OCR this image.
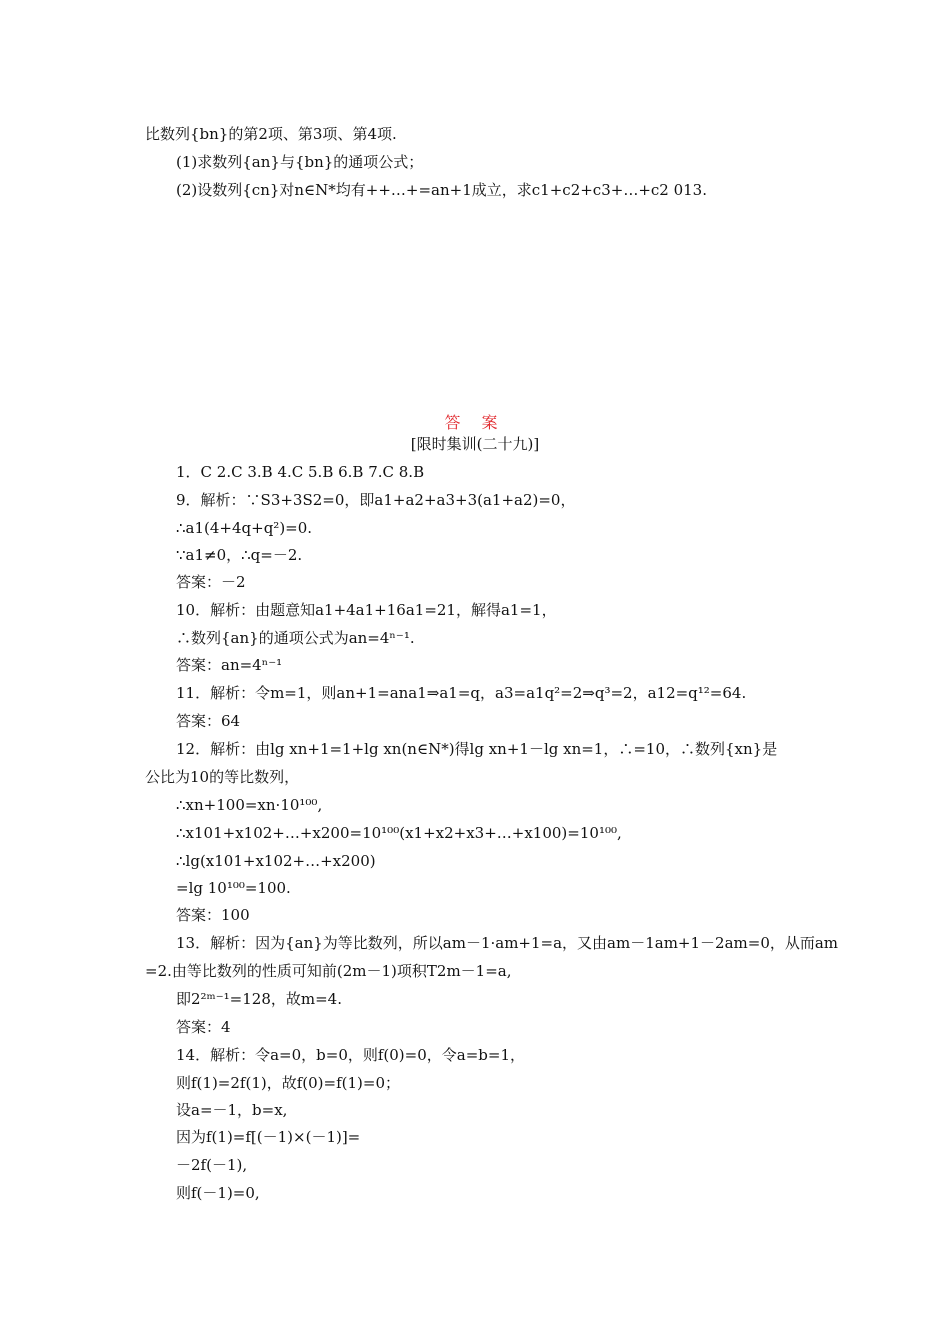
比数列{bn}的第2项、第3项、第4项.
(1)求数列{an}与{bn}的通项公式；
(2)设数列{cn}对n∈N*均有++…+=an+1成立，求c1+c2+c3+…+c2 013.
答 案
[限时集训(二十九)]
1．C 2.C 3.B 4.C 5.B 6.B 7.C 8.B
9．解析：∵S3+3S2=0，即a1+a2+a3+3(a1+a2)=0，
∴a1(4+4q+q²)=0.
∵a1≠0，∴q=－2.
答案：－2
10．解析：由题意知a1+4a1+16a1=21，解得a1=1，
∴数列{an}的通项公式为an=4ⁿ⁻¹.
答案：an=4ⁿ⁻¹
11．解析：令m=1，则an+1=ana1⇒a1=q，a3=a1q²=2⇒q³=2，a12=q¹²=64.
答案：64
12．解析：由lg xn+1=1+lg xn(n∈N*)得lg xn+1－lg xn=1，∴=10，∴数列{xn}是
公比为10的等比数列，
∴xn+100=xn·10¹⁰⁰,
∴x101+x102+…+x200=10¹⁰⁰(x1+x2+x3+…+x100)=10¹⁰⁰,
∴lg(x101+x102+…+x200)
=lg 10¹⁰⁰=100.
答案：100
13．解析：因为{an}为等比数列，所以am－1·am+1=a，又由am－1am+1－2am=0，从而am
=2.由等比数列的性质可知前(2m－1)项积T2m－1=a,
即2²ᵐ⁻¹=128，故m=4.
答案：4
14．解析：令a=0，b=0，则f(0)=0，令a=b=1，
则f(1)=2f(1)，故f(0)=f(1)=0；
设a=－1，b=x,
因为f(1)=f[(－1)×(－1)]=
－2f(－1),
则f(－1)=0,
